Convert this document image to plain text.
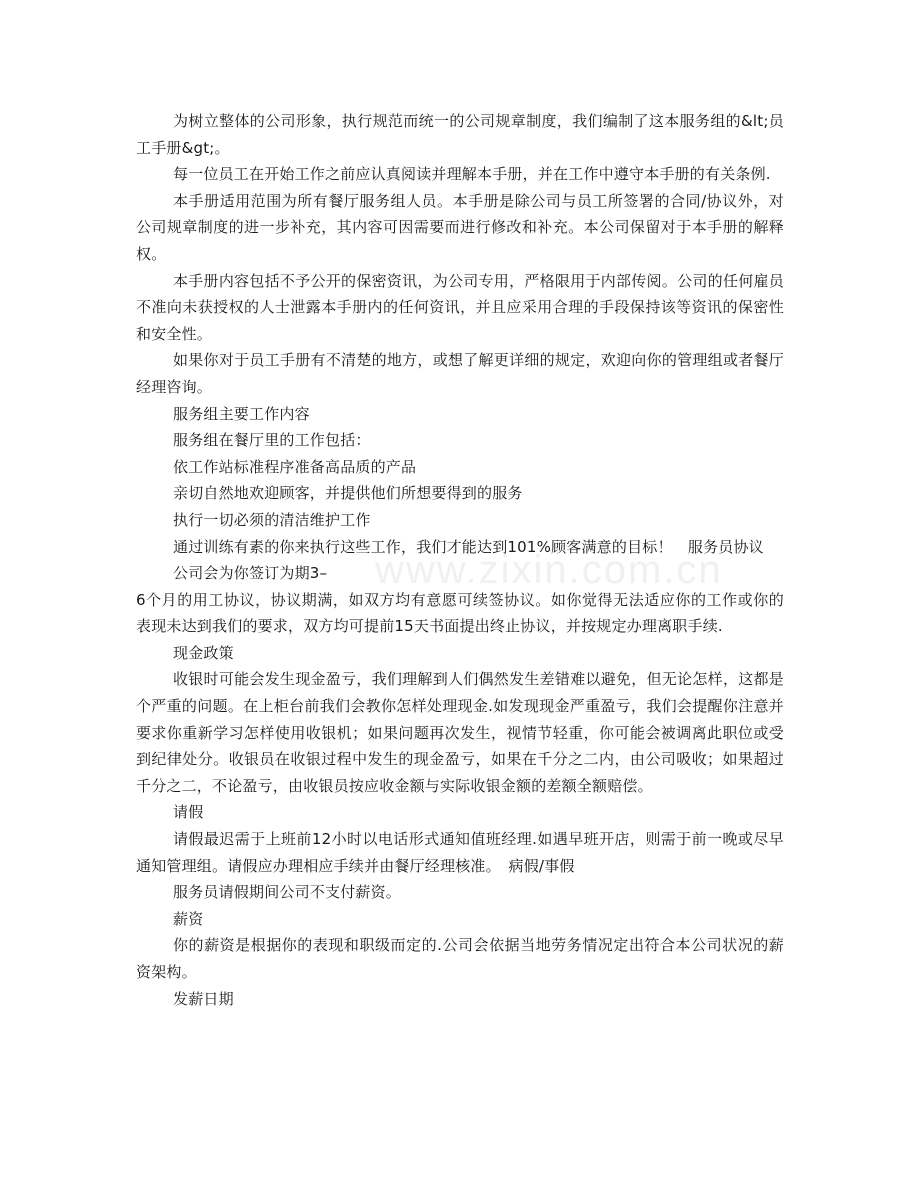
www.zixin.com.cn

为树立整体的公司形象，执行规范而统一的公司规章制度，我们编制了这本服务组的&lt;员工手册&gt;。

每一位员工在开始工作之前应认真阅读并理解本手册，并在工作中遵守本手册的有关条例.

本手册适用范围为所有餐厅服务组人员。本手册是除公司与员工所签署的合同/协议外，对公司规章制度的进一步补充，其内容可因需要而进行修改和补充。本公司保留对于本手册的解释权。

本手册内容包括不予公开的保密资讯，为公司专用，严格限用于内部传阅。公司的任何雇员不准向未获授权的人士泄露本手册内的任何资讯，并且应采用合理的手段保持该等资讯的保密性和安全性。

如果你对于员工手册有不清楚的地方，或想了解更详细的规定，欢迎向你的管理组或者餐厅经理咨询。

服务组主要工作内容

服务组在餐厅里的工作包括：

依工作站标准程序准备高品质的产品

亲切自然地欢迎顾客，并提供他们所想要得到的服务

执行一切必须的清洁维护工作

通过训练有素的你来执行这些工作，我们才能达到101%顾客满意的目标！　服务员协议

公司会为你签订为期3–

6个月的用工协议，协议期满，如双方均有意愿可续签协议。如你觉得无法适应你的工作或你的表现未达到我们的要求，双方均可提前15天书面提出终止协议，并按规定办理离职手续.

现金政策

收银时可能会发生现金盈亏，我们理解到人们偶然发生差错难以避免，但无论怎样，这都是个严重的问题。在上柜台前我们会教你怎样处理现金.如发现现金严重盈亏，我们会提醒你注意并要求你重新学习怎样使用收银机；如果问题再次发生，视情节轻重，你可能会被调离此职位或受到纪律处分。收银员在收银过程中发生的现金盈亏，如果在千分之二内，由公司吸收；如果超过千分之二，不论盈亏，由收银员按应收金额与实际收银金额的差额全额赔偿。

请假

请假最迟需于上班前12小时以电话形式通知值班经理.如遇早班开店，则需于前一晚或尽早通知管理组。请假应办理相应手续并由餐厅经理核准。　病假/事假

服务员请假期间公司不支付薪资。

薪资

你的薪资是根据你的表现和职级而定的.公司会依据当地劳务情况定出符合本公司状况的薪资架构。

发薪日期
